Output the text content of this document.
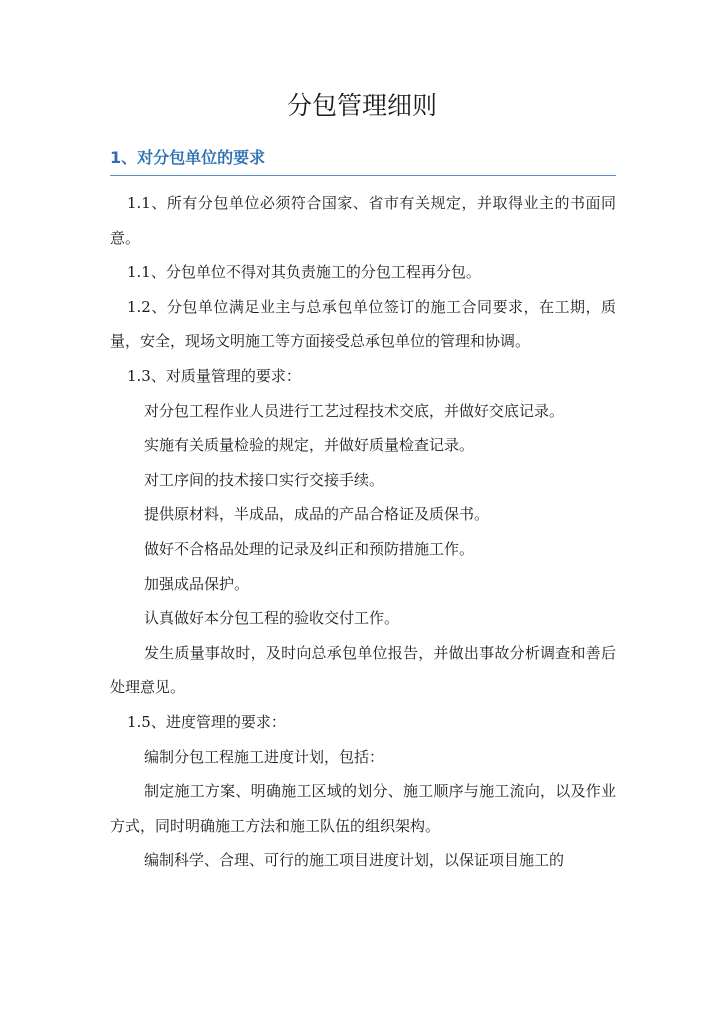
分包管理细则
1、对分包单位的要求

1.1、所有分包单位必须符合国家、省市有关规定，并取得业主的书面同意。

1.1、分包单位不得对其负责施工的分包工程再分包。

1.2、分包单位满足业主与总承包单位签订的施工合同要求，在工期，质量，安全，现场文明施工等方面接受总承包单位的管理和协调。

1.3、对质量管理的要求：

对分包工程作业人员进行工艺过程技术交底，并做好交底记录。

实施有关质量检验的规定，并做好质量检查记录。

对工序间的技术接口实行交接手续。

提供原材料，半成品，成品的产品合格证及质保书。

做好不合格品处理的记录及纠正和预防措施工作。

加强成品保护。

认真做好本分包工程的验收交付工作。

发生质量事故时，及时向总承包单位报告，并做出事故分析调查和善后处理意见。

1.5、进度管理的要求：

编制分包工程施工进度计划，包括：

制定施工方案、明确施工区域的划分、施工顺序与施工流向，以及作业方式，同时明确施工方法和施工队伍的组织架构。

编制科学、合理、可行的施工项目进度计划，以保证项目施工的
